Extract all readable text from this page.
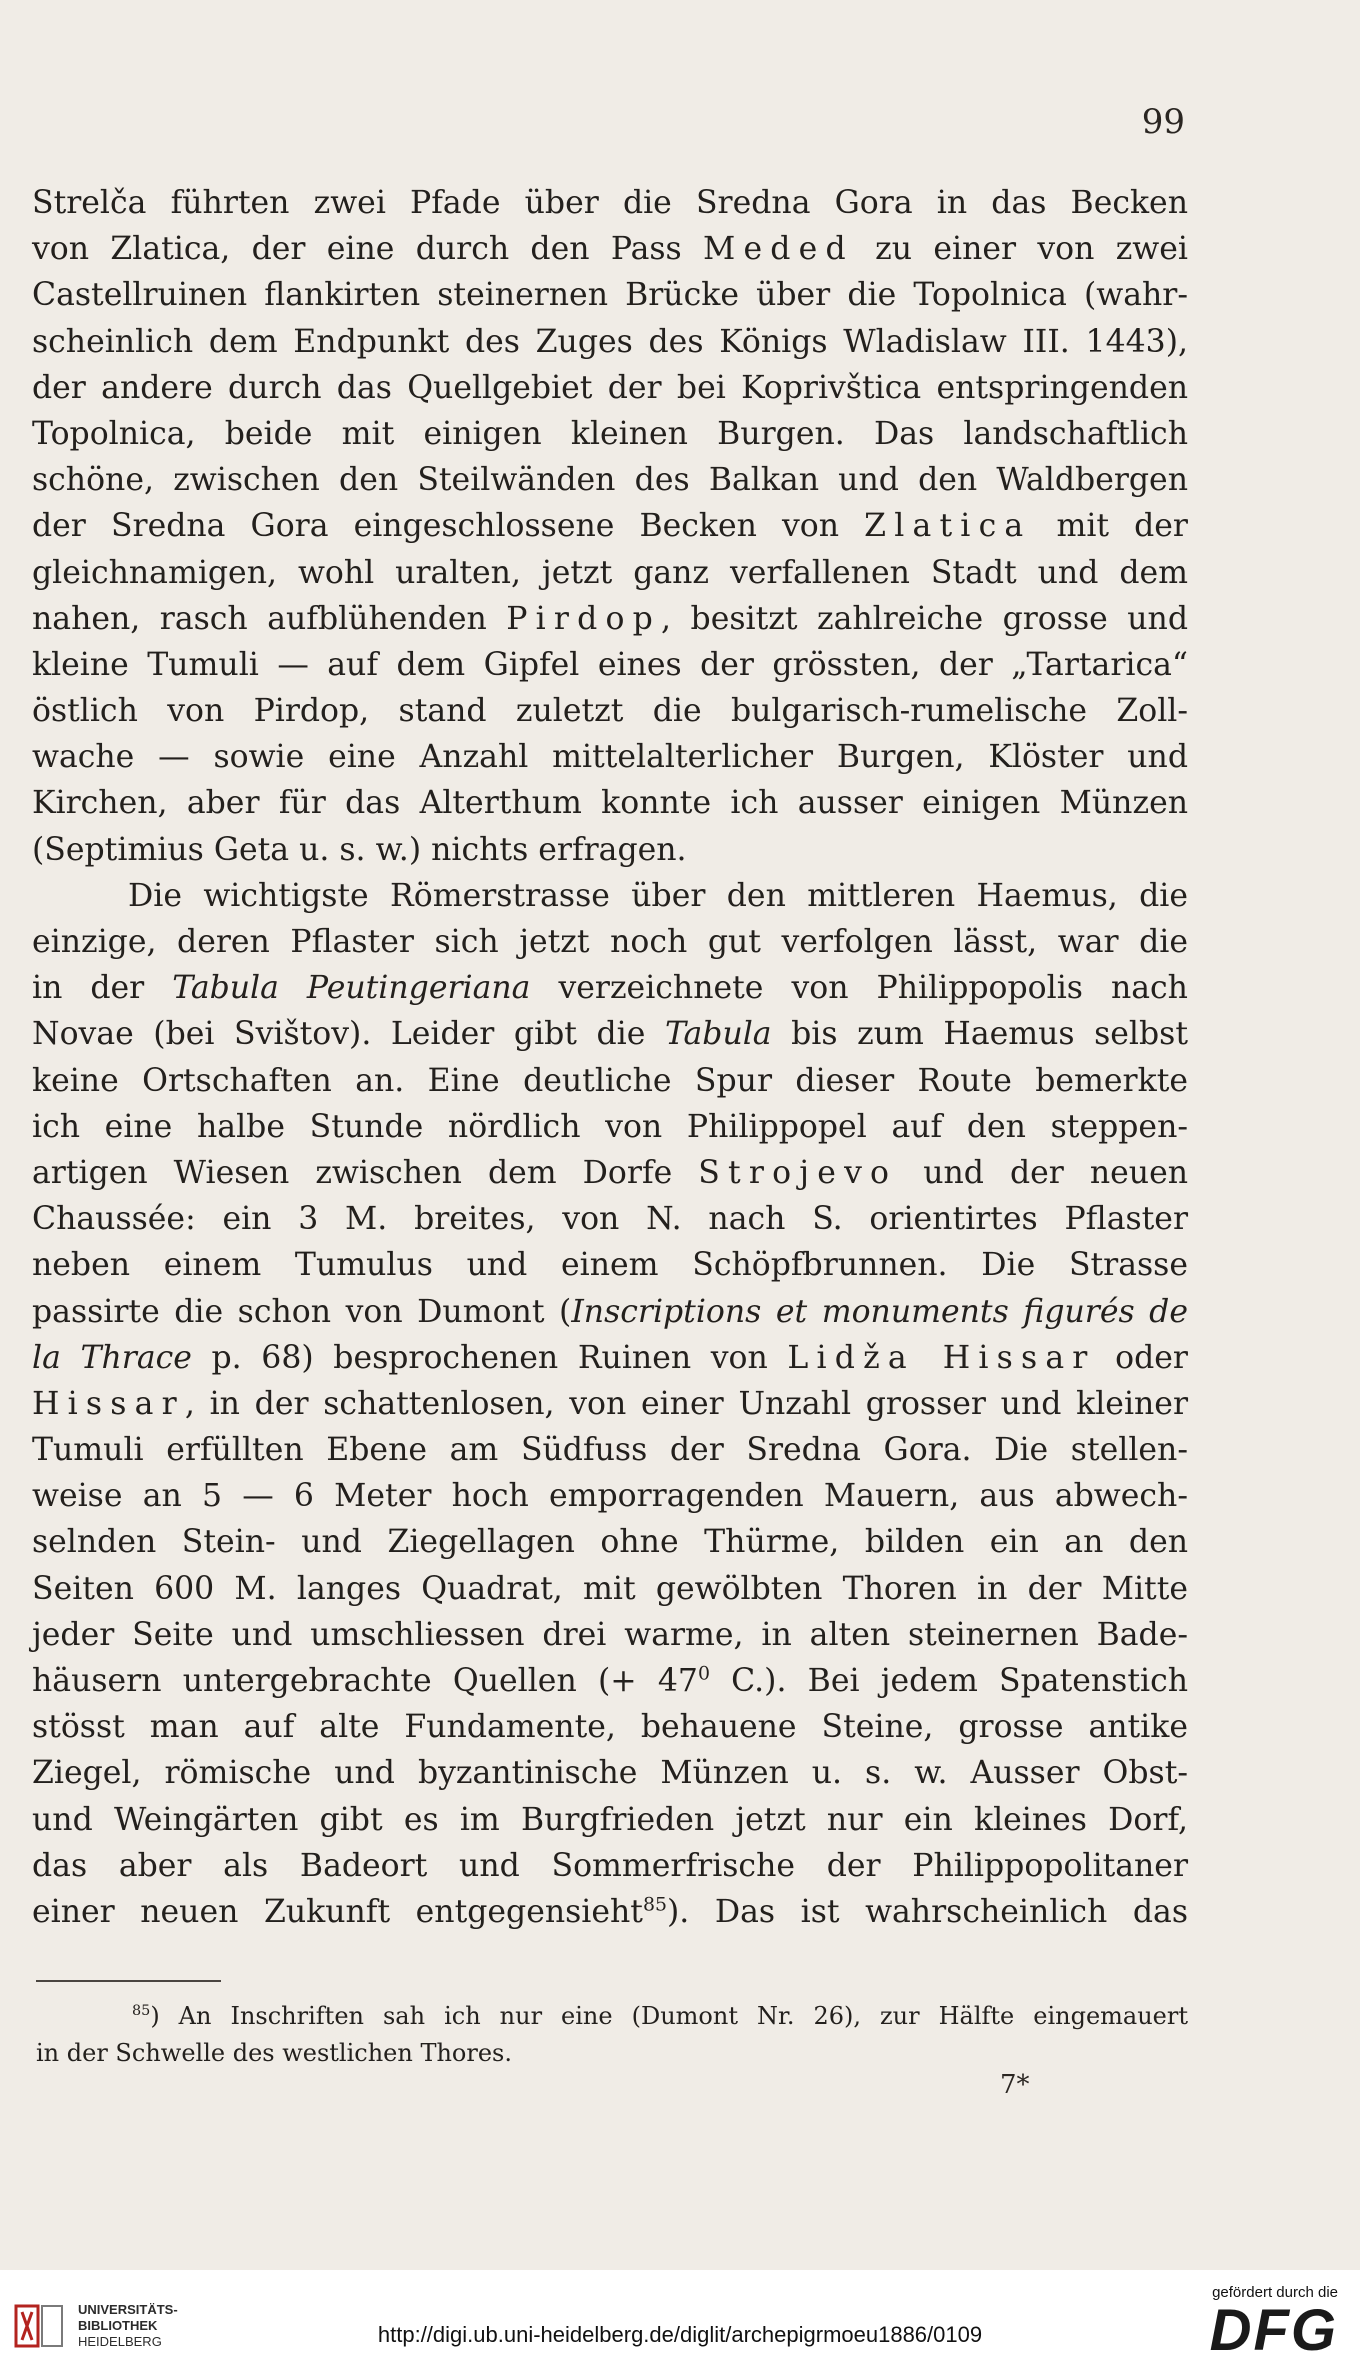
99
Strelča führten zwei Pfade über die Sredna Gora in das Becken
von Zlatica, der eine durch den Pass Meded zu einer von zwei
Castellruinen flankirten steinernen Brücke über die Topolnica (wahr-
scheinlich dem Endpunkt des Zuges des Königs Wladislaw III. 1443),
der andere durch das Quellgebiet der bei Koprivštica entspringenden
Topolnica, beide mit einigen kleinen Burgen. Das landschaftlich
schöne, zwischen den Steilwänden des Balkan und den Waldbergen
der Sredna Gora eingeschlossene Becken von Zlatica mit der
gleichnamigen, wohl uralten, jetzt ganz verfallenen Stadt und dem
nahen, rasch aufblühenden Pirdop, besitzt zahlreiche grosse und
kleine Tumuli — auf dem Gipfel eines der grössten, der „Tartarica“
östlich von Pirdop, stand zuletzt die bulgarisch-rumelische Zoll-
wache — sowie eine Anzahl mittelalterlicher Burgen, Klöster und
Kirchen, aber für das Alterthum konnte ich ausser einigen Münzen
(Septimius Geta u. s. w.) nichts erfragen.
Die wichtigste Römerstrasse über den mittleren Haemus, die
einzige, deren Pflaster sich jetzt noch gut verfolgen lässt, war die
in der Tabula Peutingeriana verzeichnete von Philippopolis nach
Novae (bei Svištov). Leider gibt die Tabula bis zum Haemus selbst
keine Ortschaften an. Eine deutliche Spur dieser Route bemerkte
ich eine halbe Stunde nördlich von Philippopel auf den steppen-
artigen Wiesen zwischen dem Dorfe Strojevo und der neuen
Chaussée: ein 3 M. breites, von N. nach S. orientirtes Pflaster
neben einem Tumulus und einem Schöpfbrunnen. Die Strasse
passirte die schon von Dumont (Inscriptions et monuments figurés de
la Thrace p. 68) besprochenen Ruinen von Lidža Hissar oder
Hissar, in der schattenlosen, von einer Unzahl grosser und kleiner
Tumuli erfüllten Ebene am Südfuss der Sredna Gora. Die stellen-
weise an 5 — 6 Meter hoch emporragenden Mauern, aus abwech-
selnden Stein- und Ziegellagen ohne Thürme, bilden ein an den
Seiten 600 M. langes Quadrat, mit gewölbten Thoren in der Mitte
jeder Seite und umschliessen drei warme, in alten steinernen Bade-
häusern untergebrachte Quellen (+ $47^0$ C.). Bei jedem Spatenstich
stösst man auf alte Fundamente, behauene Steine, grosse antike
Ziegel, römische und byzantinische Münzen u. s. w. Ausser Obst-
und Weingärten gibt es im Burgfrieden jetzt nur ein kleines Dorf,
das aber als Badeort und Sommerfrische der Philippopolitaner
einer neuen Zukunft entgegensieht$^{85}$). Das ist wahrscheinlich das
$^{85}$) An Inschriften sah ich nur eine (Dumont Nr. 26), zur Hälfte eingemauert
in der Schwelle des westlichen Thores.
7*
UNIVERSITÄTS-
BIBLIOTHEK
HEIDELBERG	http://digi.ub.uni-heidelberg.de/diglit/archepigrmoeu1886/0109
gefördert durch die
DFG
